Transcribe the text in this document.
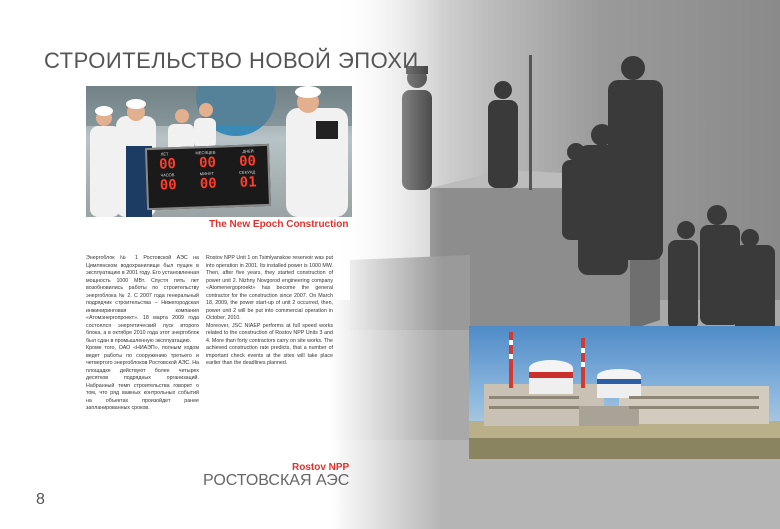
СТРОИТЕЛЬСТВО НОВОЙ ЭПОХИ
ЛЕТ	МЕСЯЦЕВ	ДНЕЙ
00 00 00
ЧАСОВ	МИНУТ	СЕКУНД
00 00 01
The New Epoch Construction

Энергоблок № 1 Ростовской АЭС на Цимлянском водохранилище был пущен в эксплуатацию в 2001 году. Его установленная мощность 1000 МВт. Спустя пять лет возобновились работы по строительству энергоблока № 2. С 2007 года генеральный подрядчик строительства – Нижегородская инжиниринговая компания «Атомэнергопроект». 18 марта 2009 года состоялся энергетический пуск второго блока, а в октябре 2010 года этот энергоблок был сдан в промышленную эксплуатацию.

Кроме того, ОАО «НИАЭП», полным ходом ведет работы по сооружению третьего и четвертого энергоблоков Ростовской АЭС. На площадке действуют более четырех десятков подрядных организаций. Набранный темп строительства говорит о том, что ряд важных контрольных событий на объектах произойдет ранее запланированных сроков.

Rostov NPP Unit 1 on Tsimlyanskoe reservoir was put into operation in 2001. Its installed power is 1000 MW. Then, after five years, they started construction of power unit 2. Nizhny Novgorod engineering company «Atomenergoproekt» has become the general contractor for the construction since 2007. On March 18, 2009, the power start-up of unit 2 occurred, then, power unit 2 will be put into commercial operation in October, 2010.

Moreover, JSC NIAEP performs at full speed works related to the construction of Rostov NPP Units 3 and 4. More than forty contractors carry on site works. The achieved construction rate predicts, that a number of important check events at the sites will take place earlier than the deadlines planned.

Rostov NPP
РОСТОВСКАЯ АЭС
8
